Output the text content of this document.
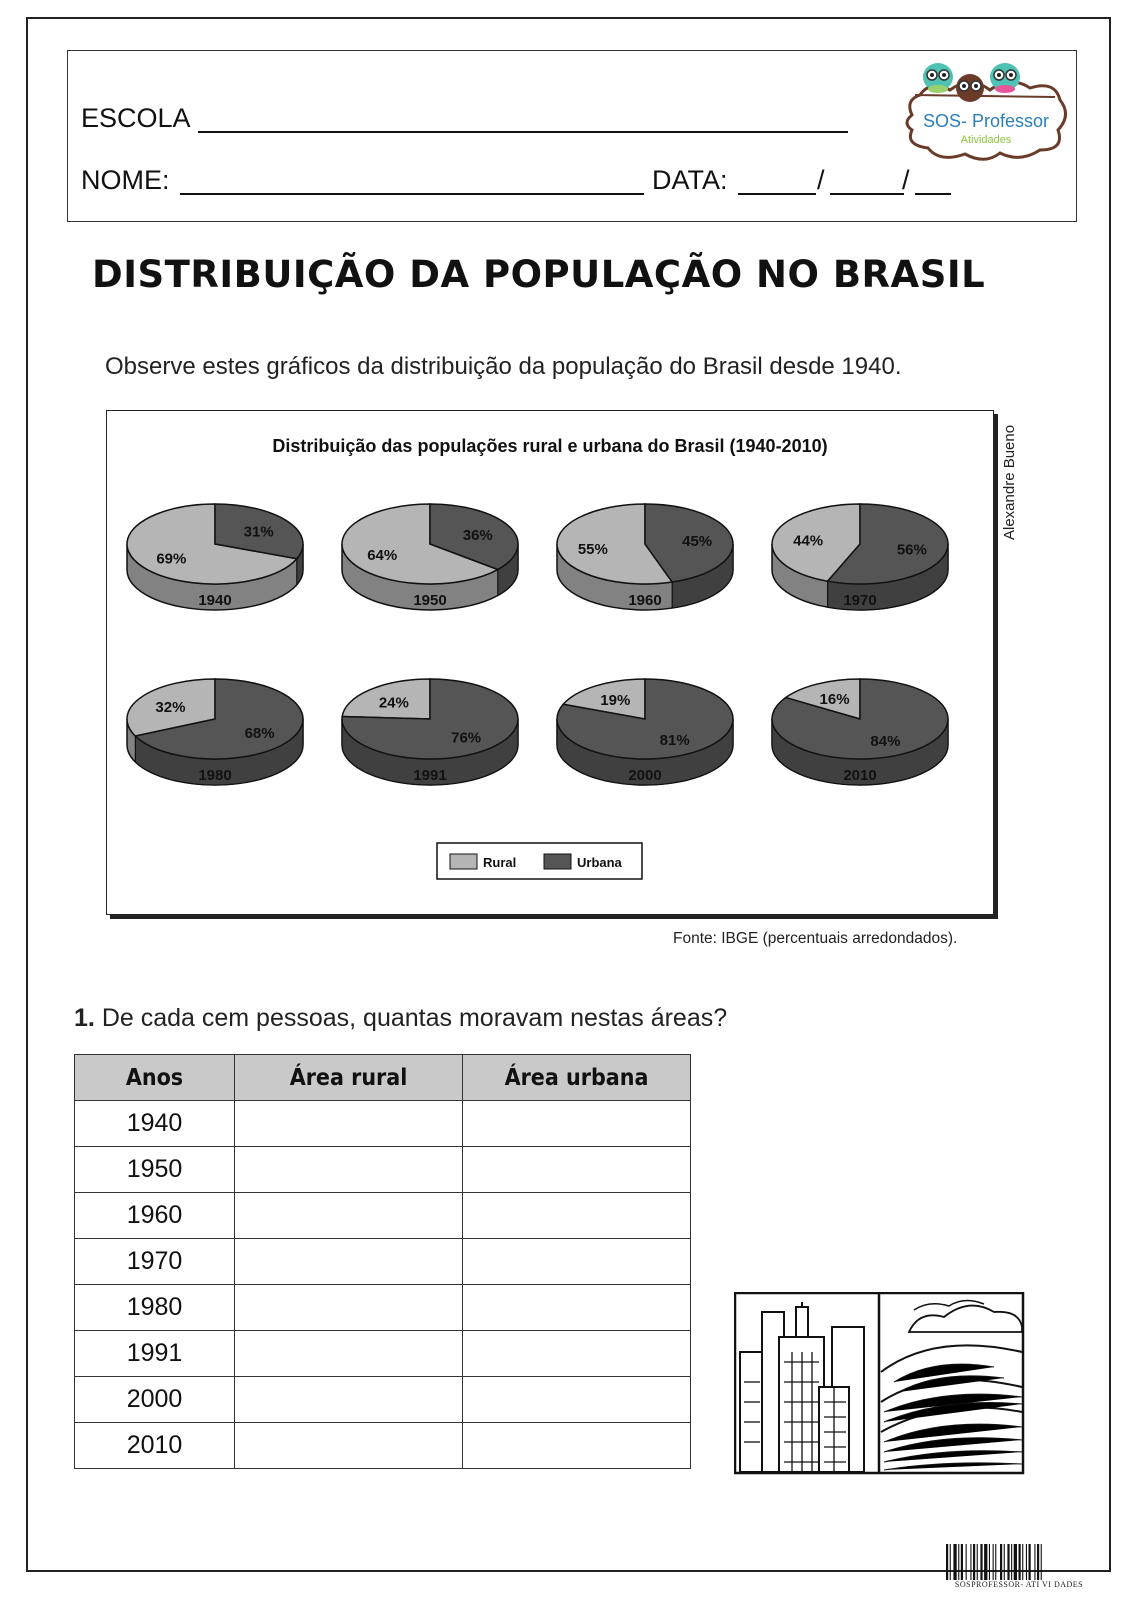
ESCOLA
NOME:	DATA:	/	/
SOS- Professor
Atividades
DISTRIBUIÇÃO DA POPULAÇÃO NO BRASIL
Observe estes gráficos da distribuição da população do Brasil desde 1940.
Distribuição das populações rural e urbana do Brasil (1940-2010)
31%
69%
1940
36%
64%
1950
45%
55%
1960
56%
44%
1970
68%
32%
1980
76%
24%
1991
81%
19%
2000
84%
16%
2010
Rural	Urbana
Alexandre Bueno
Fonte: IBGE (percentuais arredondados).
1. De cada cem pessoas, quantas moravam nestas áreas?
Anos	Área rural	Área urbana
1940		
1950		
1960		
1970		
1980		
1991		
2000		
2010		
SOSPROFESSOR- ATI VI DADES
